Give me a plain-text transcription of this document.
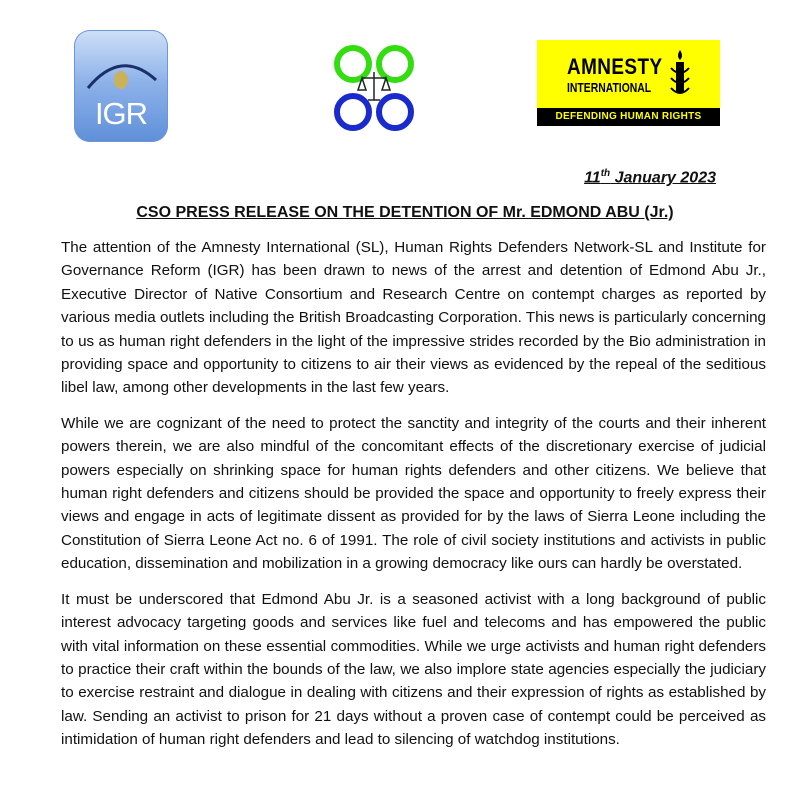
IGR
AMNESTY
INTERNATIONAL
DEFENDING HUMAN RIGHTS
11th January 2023
CSO PRESS RELEASE ON THE DETENTION OF Mr. EDMOND ABU (Jr.)

The attention of the Amnesty International (SL), Human Rights Defenders Network-SL and Institute for Governance Reform (IGR) has been drawn to news of the arrest and detention of Edmond Abu Jr., Executive Director of Native Consortium and Research Centre on contempt charges as reported by various media outlets including the British Broadcasting Corporation. This news is particularly concerning to us as human right defenders in the light of the impressive strides recorded by the Bio administration in providing space and opportunity to citizens to air their views as evidenced by the repeal of the seditious libel law, among other developments in the last few years.

While we are cognizant of the need to protect the sanctity and integrity of the courts and their inherent powers therein, we are also mindful of the concomitant effects of the discretionary exercise of judicial powers especially on shrinking space for human rights defenders and other citizens. We believe that human right defenders and citizens should be provided the space and opportunity to freely express their views and engage in acts of legitimate dissent as provided for by the laws of Sierra Leone including the Constitution of Sierra Leone Act no. 6 of 1991. The role of civil society institutions and activists in public education, dissemination and mobilization in a growing democracy like ours can hardly be overstated.

It must be underscored that Edmond Abu Jr. is a seasoned activist with a long background of public interest advocacy targeting goods and services like fuel and telecoms and has empowered the public with vital information on these essential commodities. While we urge activists and human right defenders to practice their craft within the bounds of the law, we also implore state agencies especially the judiciary to exercise restraint and dialogue in dealing with citizens and their expression of rights as established by law. Sending an activist to prison for 21 days without a proven case of contempt could be perceived as intimidation of human right defenders and lead to silencing of watchdog institutions.
